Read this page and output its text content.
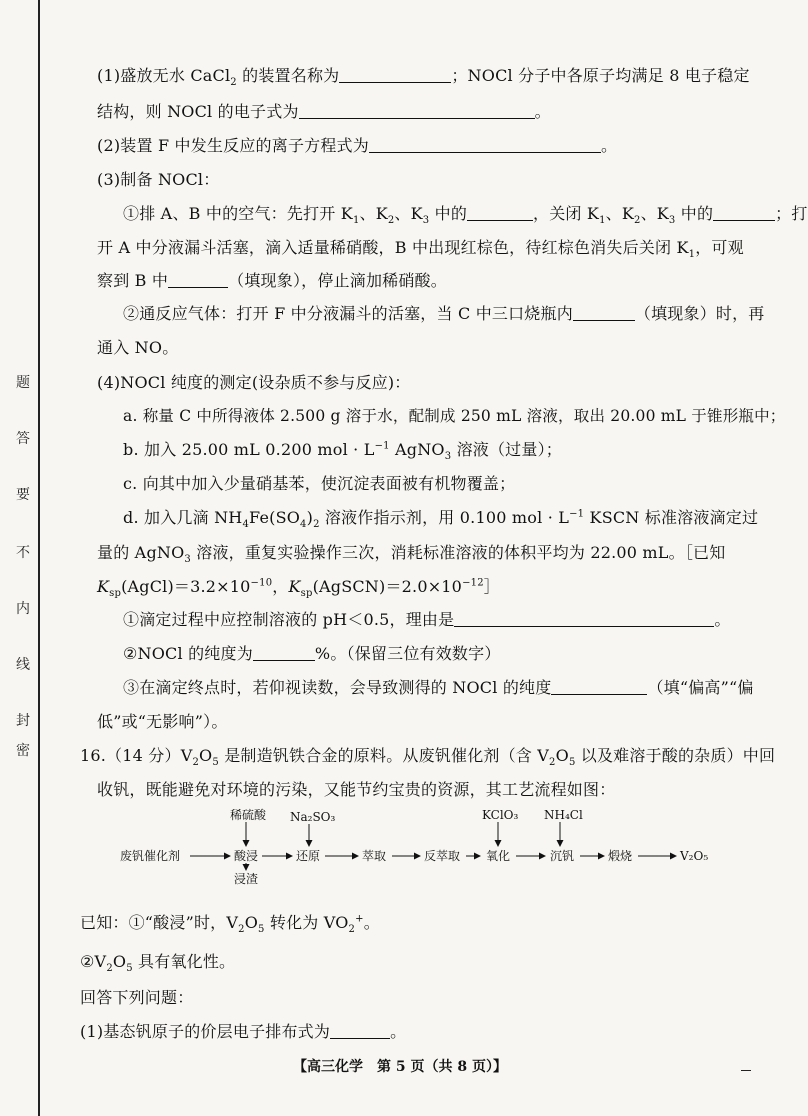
题
答
要
不
内
线
封
密
(1)盛放无水 CaCl$_2$ 的装置名称为	；NOCl 分子中各原子均满足 8 电子稳定
结构，则 NOCl 的电子式为	。
(2)装置 F 中发生反应的离子方程式为	。
(3)制备 NOCl：
①排 A、B 中的空气：先打开 $K_1$、$K_2$、$K_3$ 中的	，关闭 $K_1$、$K_2$、$K_3$ 中的	；打
开 A 中分液漏斗活塞，滴入适量稀硝酸，B 中出现红棕色，待红棕色消失后关闭 $K_1$，可观
察到 B 中	（填现象），停止滴加稀硝酸。
②通反应气体：打开 F 中分液漏斗的活塞，当 C 中三口烧瓶内	（填现象）时，再
通入 NO。
(4)NOCl 纯度的测定(设杂质不参与反应)：
a. 称量 C 中所得液体 2.500 g 溶于水，配制成 250 mL 溶液，取出 20.00 mL 于锥形瓶中；
b. 加入 25.00 mL 0.200 mol · $L^{-1}$ AgNO$_3$ 溶液（过量）；
c. 向其中加入少量硝基苯，使沉淀表面被有机物覆盖；
d. 加入几滴 $NH_4Fe(SO_4)_2$ 溶液作指示剂，用 0.100 mol · $L^{-1}$ KSCN 标准溶液滴定过
量的 AgNO$_3$ 溶液，重复实验操作三次，消耗标准溶液的体积平均为 22.00 mL。［已知
$K_{sp}(AgCl)=3.2\times 10^{-10}$，$K_{sp}(AgSCN)=2.0\times 10^{-12}]$
①滴定过程中应控制溶液的 pH＜0.5，理由是	。
②NOCl 的纯度为	%。（保留三位有效数字）
③在滴定终点时，若仰视读数，会导致测得的 NOCl 的纯度	（填“偏高”“偏
低”或“无影响”）。
16.（14 分）$V_2O_5$ 是制造钒铁合金的原料。从废钒催化剂（含 $V_2O_5$ 以及难溶于酸的杂质）中回
收钒，既能避免对环境的污染，又能节约宝贵的资源，其工艺流程如图：
废钒催化剂	酸浸	还原	萃取	反萃取 氧化	沉钒	煅烧	V₂O₅
稀硫酸 Na₂SO₃	KClO₃ NH₄Cl
浸渣
已知：①“酸浸”时，$V_2O_5$ 转化为 $VO_2^+$。
$②V_2O_5$ 具有氧化性。
回答下列问题：
(1)基态钒原子的价层电子排布式为	。
【高三化学　第 5 页（共 8 页）】
